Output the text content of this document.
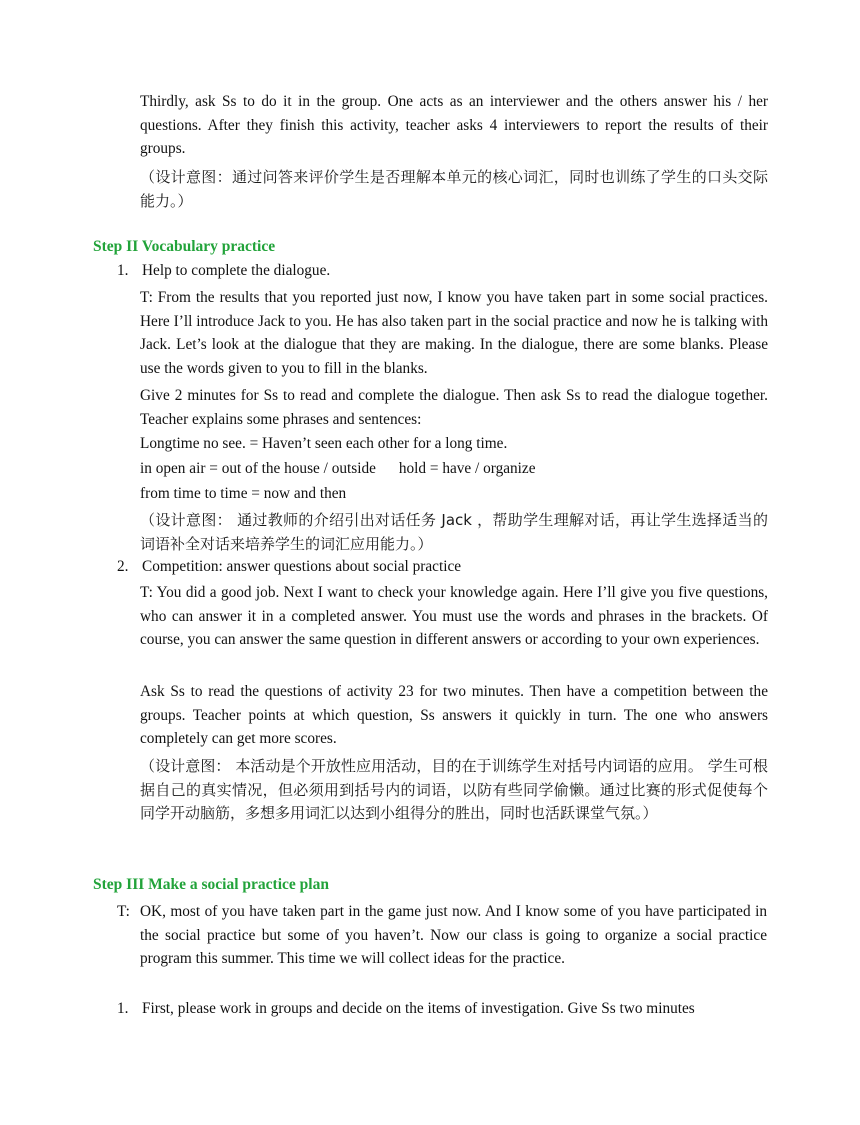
Thirdly, ask Ss to do it in the group. One acts as an interviewer and the others answer his / her questions. After they finish this activity, teacher asks 4 interviewers to report the results of their groups.

（设计意图：通过问答来评价学生是否理解本单元的核心词汇，同时也训练了学生的口头交际能力。）

Step II Vocabulary practice
1. Help to complete the dialogue.

T: From the results that you reported just now, I know you have taken part in some social practices. Here I’ll introduce Jack to you. He has also taken part in the social practice and now he is talking with Jack. Let’s look at the dialogue that they are making. In the dialogue, there are some blanks. Please use the words given to you to fill in the blanks.

Give 2 minutes for Ss to read and complete the dialogue. Then ask Ss to read the dialogue together. Teacher explains some phrases and sentences:

Longtime no see. = Haven’t seen each other for a long time.

in open air = out of the house / outside      hold = have / organize

from time to time = now and then

（设计意图： 通过教师的介绍引出对话任务 Jack ，帮助学生理解对话，再让学生选择适当的词语补全对话来培养学生的词汇应用能力。）

2. Competition: answer questions about social practice

T: You did a good job. Next I want to check your knowledge again. Here I’ll give you five questions, who can answer it in a completed answer. You must use the words and phrases in the brackets. Of course, you can answer the same question in different answers or according to your own experiences.

Ask Ss to read the questions of activity 23 for two minutes. Then have a competition between the groups. Teacher points at which question, Ss answers it quickly in turn. The one who answers completely can get more scores.

（设计意图： 本活动是个开放性应用活动，目的在于训练学生对括号内词语的应用。 学生可根据自己的真实情况，但必须用到括号内的词语，以防有些同学偷懒。通过比赛的形式促使每个同学开动脑筋，多想多用词汇以达到小组得分的胜出，同时也活跃课堂气氛。）

Step III Make a social practice plan
T: OK, most of you have taken part in the game just now. And I know some of you have participated in the social practice but some of you haven’t. Now our class is going to organize a social practice program this summer. This time we will collect ideas for the practice.

1. First, please work in groups and decide on the items of investigation. Give Ss two minutes
